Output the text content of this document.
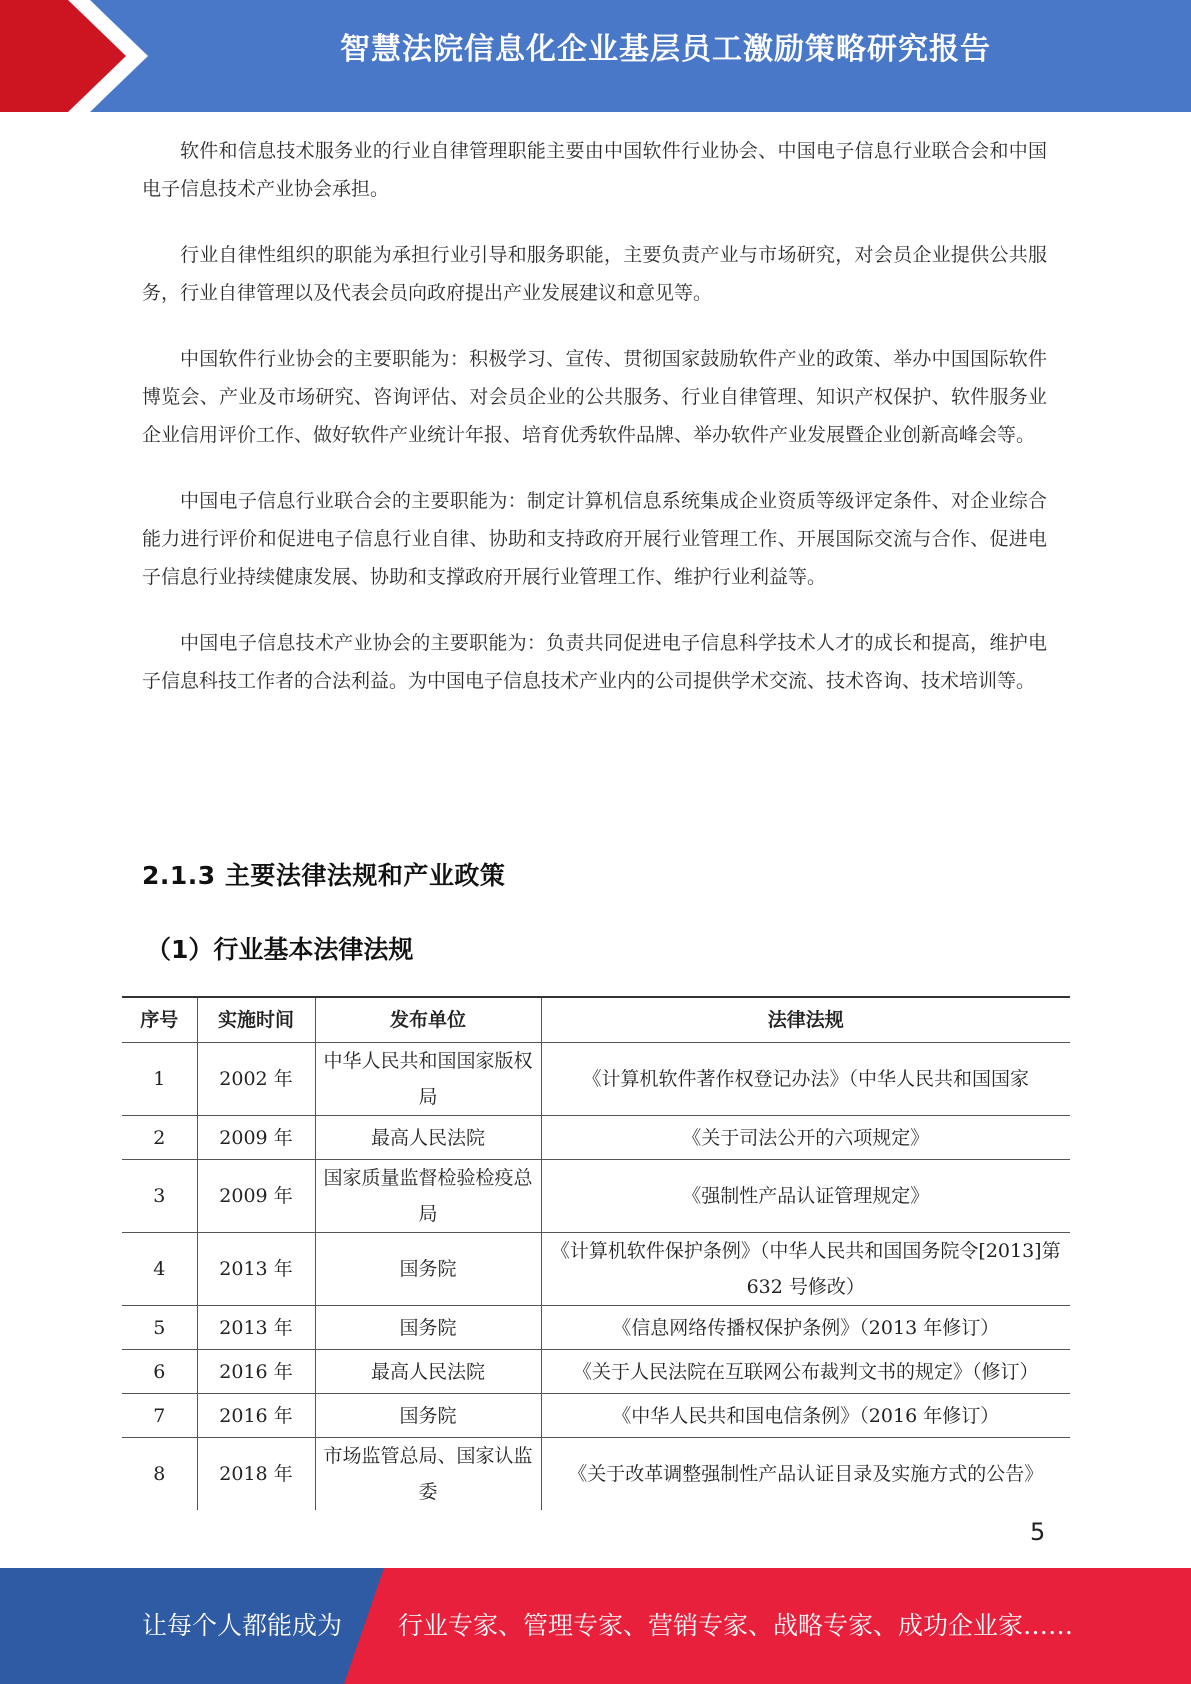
智慧法院信息化企业基层员工激励策略研究报告

软件和信息技术服务业的行业自律管理职能主要由中国软件行业协会、中国电子信息行业联合会和中国电子信息技术产业协会承担。

行业自律性组织的职能为承担行业引导和服务职能，主要负责产业与市场研究，对会员企业提供公共服务，行业自律管理以及代表会员向政府提出产业发展建议和意见等。

中国软件行业协会的主要职能为：积极学习、宣传、贯彻国家鼓励软件产业的政策、举办中国国际软件博览会、产业及市场研究、咨询评估、对会员企业的公共服务、行业自律管理、知识产权保护、软件服务业企业信用评价工作、做好软件产业统计年报、培育优秀软件品牌、举办软件产业发展暨企业创新高峰会等。

中国电子信息行业联合会的主要职能为：制定计算机信息系统集成企业资质等级评定条件、对企业综合能力进行评价和促进电子信息行业自律、协助和支持政府开展行业管理工作、开展国际交流与合作、促进电子信息行业持续健康发展、协助和支撑政府开展行业管理工作、维护行业利益等。

中国电子信息技术产业协会的主要职能为：负责共同促进电子信息科学技术人才的成长和提高，维护电子信息科技工作者的合法利益。为中国电子信息技术产业内的公司提供学术交流、技术咨询、技术培训等。

2.1.3 主要法律法规和产业政策
（1）行业基本法律法规
序号	实施时间	发布单位	法律法规
1	2002 年	中华人民共和国国家版权局	《计算机软件著作权登记办法》（中华人民共和国国家
2	2009 年	最高人民法院	《关于司法公开的六项规定》
3	2009 年	国家质量监督检验检疫总局	《强制性产品认证管理规定》
4	2013 年	国务院	《计算机软件保护条例》（中华人民共和国国务院令[2013]第 632 号修改）
5	2013 年	国务院	《信息网络传播权保护条例》（2013 年修订）
6	2016 年	最高人民法院	《关于人民法院在互联网公布裁判文书的规定》（修订）

7	2016 年	国务院	《中华人民共和国电信条例》（2016 年修订）
8	2018 年	市场监管总局、国家认监委	《关于改革调整强制性产品认证目录及实施方式的公告》
5
让每个人都能成为 行业专家、管理专家、营销专家、战略专家、成功企业家……
